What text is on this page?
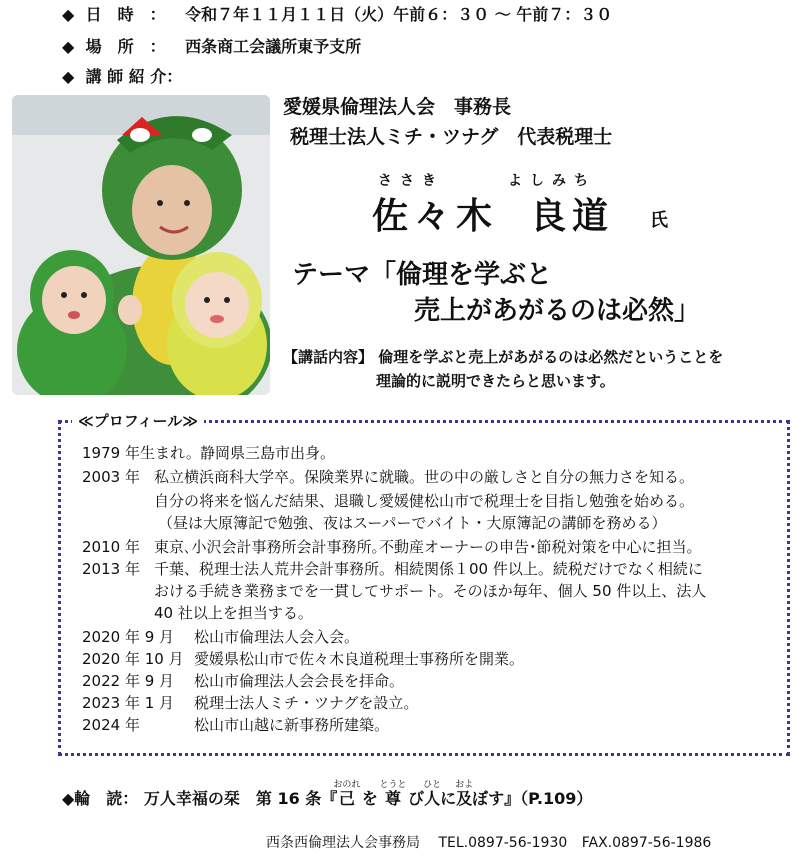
◆ 日　時　： 令和７年１１月１１日（火）午前６：３０ ～ 午前７：３０
◆ 場　所　： 西条商工会議所東予支所
◆ 講 師 紹 介：
愛媛県倫理法人会　事務長
税理士法人ミチ・ツナグ　代表税理士
ささき	よしみち
佐々木 良道 氏
テーマ「倫理を学ぶと
売上があがるのは必然」
【講話内容】 倫理を学ぶと売上があがるのは必然だということを
理論的に説明できたらと思います。
≪プロフィール≫
1979 年生まれ。静岡県三島市出身。
2003 年 私立横浜商科大学卒。保険業界に就職。世の中の厳しさと自分の無力さを知る。
自分の将来を悩んだ結果、退職し愛媛健松山市で税理士を目指し勉強を始める。
（昼は大原簿記で勉強、夜はスーパーでバイト・大原簿記の講師を務める）
2010 年 東京､小沢会計事務所会計事務所｡不動産オーナーの申告･節税対策を中心に担当｡
2013 年 千葉、税理士法人荒井会計事務所。相続関係１00 件以上。続税だけでなく相続に
おける手続き業務までを一貫してサポート。そのほか毎年、個人 50 件以上、法人
40 社以上を担当する。
2020 年 9 月 松山市倫理法人会入会。
2020 年 10 月 愛媛県松山市で佐々木良道税理士事務所を開業。
2022 年 9 月 松山市倫理法人会会長を拝命。
2023 年 1 月 税理士法人ミチ・ツナグを設立。
2024 年	松山市山越に新事務所建築。
◆輪　読： 万人幸福の栞　第 16 条『己おのれ を 尊とうと び人ひとに及およぼす』（P.109）
西条西倫理法人会事務局 TEL.0897-56-1930 FAX.0897-56-1986
